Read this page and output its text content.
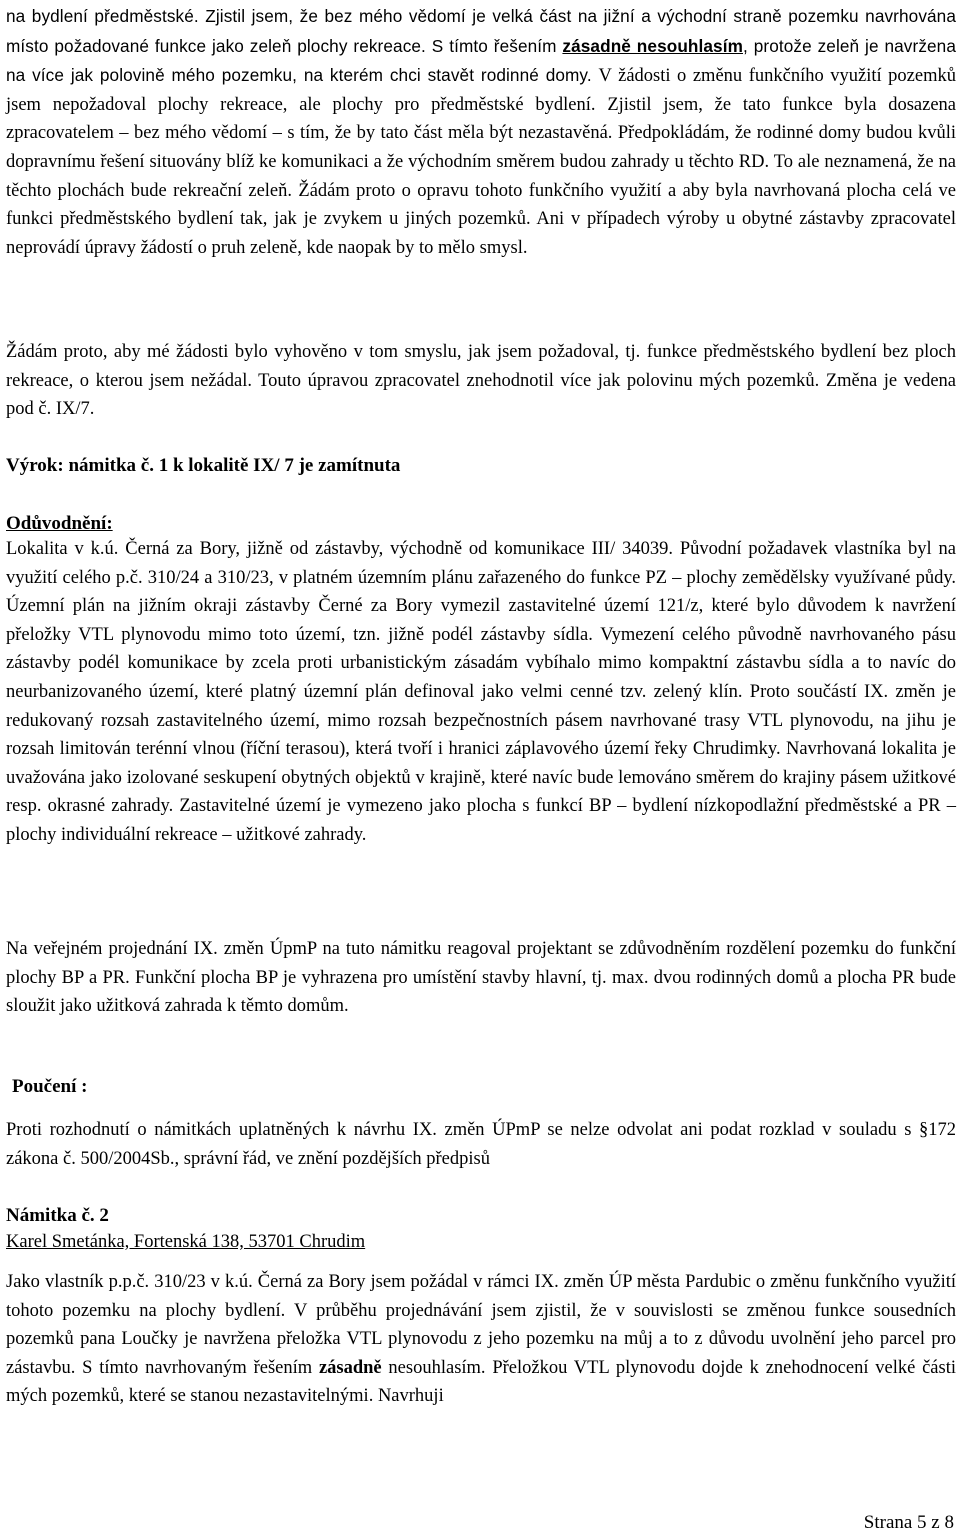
na bydlení předměstské. Zjistil jsem, že bez mého vědomí je velká část na jižní a východní straně pozemku navrhována místo požadované funkce jako zeleň plochy rekreace. S tímto řešením zásadně nesouhlasím, protože zeleň je navržena na více jak polovině mého pozemku, na kterém chci stavět rodinné domy. V žádosti o změnu funkčního využití pozemků jsem nepožadoval plochy rekreace, ale plochy pro předměstské bydlení. Zjistil jsem, že tato funkce byla dosazena zpracovatelem – bez mého vědomí – s tím, že by tato část měla být nezastavěná. Předpokládám, že rodinné domy budou kvůli dopravnímu řešení situovány blíž ke komunikaci a že východním směrem budou zahrady u těchto RD. To ale neznamená, že na těchto plochách bude rekreační zeleň. Žádám proto o opravu tohoto funkčního využití a aby byla navrhovaná plocha celá ve funkci předměstského bydlení tak, jak je zvykem u jiných pozemků. Ani v případech výroby u obytné zástavby zpracovatel neprovádí úpravy žádostí o pruh zeleně, kde naopak by to mělo smysl.

Žádám proto, aby mé žádosti bylo vyhověno v tom smyslu, jak jsem požadoval, tj. funkce předměstského bydlení bez ploch rekreace, o kterou jsem nežádal. Touto úpravou zpracovatel znehodnotil více jak polovinu mých pozemků. Změna je vedena pod č. IX/7.

Výrok: námitka č. 1 k lokalitě IX/ 7 je zamítnuta

Odůvodnění:

Lokalita v k.ú. Černá za Bory, jižně od zástavby, východně od komunikace III/ 34039. Původní požadavek vlastníka byl na využití celého p.č. 310/24 a 310/23, v platném územním plánu zařazeného do funkce PZ – plochy zemědělsky využívané půdy. Územní plán na jižním okraji zástavby Černé za Bory vymezil zastavitelné území 121/z, které bylo důvodem k navržení přeložky VTL plynovodu mimo toto území, tzn. jižně podél zástavby sídla. Vymezení celého původně navrhovaného pásu zástavby podél komunikace by zcela proti urbanistickým zásadám vybíhalo mimo kompaktní zástavbu sídla a to navíc do neurbanizovaného území, které platný územní plán definoval jako velmi cenné tzv. zelený klín. Proto součástí IX. změn je redukovaný rozsah zastavitelného území, mimo rozsah bezpečnostních pásem navrhované trasy VTL plynovodu, na jihu je rozsah limitován terénní vlnou (říční terasou), která tvoří i hranici záplavového území řeky Chrudimky. Navrhovaná lokalita je uvažována jako izolované seskupení obytných objektů v krajině, které navíc bude lemováno směrem do krajiny pásem užitkové resp. okrasné zahrady. Zastavitelné území je vymezeno jako plocha s funkcí BP – bydlení nízkopodlažní předměstské a PR – plochy individuální rekreace – užitkové zahrady.

Na veřejném projednání IX. změn ÚpmP na tuto námitku reagoval projektant se zdůvodněním rozdělení pozemku do funkční plochy BP a PR. Funkční plocha BP je vyhrazena pro umístění stavby hlavní, tj. max. dvou rodinných domů a plocha PR bude sloužit jako užitková zahrada k těmto domům.

Poučení :

Proti rozhodnutí o námitkách uplatněných k návrhu IX. změn ÚPmP se nelze odvolat ani podat rozklad v souladu s §172 zákona č. 500/2004Sb., správní řád, ve znění pozdějších předpisů

Námitka č. 2

Karel Smetánka, Fortenská 138, 53701 Chrudim

Jako vlastník p.p.č. 310/23 v k.ú. Černá za Bory jsem požádal v rámci IX. změn ÚP města Pardubic o změnu funkčního využití tohoto pozemku na plochy bydlení. V průběhu projednávání jsem zjistil, že v souvislosti se změnou funkce sousedních pozemků pana Loučky je navržena přeložka VTL plynovodu z jeho pozemku na můj a to z důvodu uvolnění jeho parcel pro zástavbu. S tímto navrhovaným řešením zásadně nesouhlasím. Přeložkou VTL plynovodu dojde k znehodnocení velké části mých pozemků, které se stanou nezastavitelnými. Navrhuji

Strana 5 z 8
